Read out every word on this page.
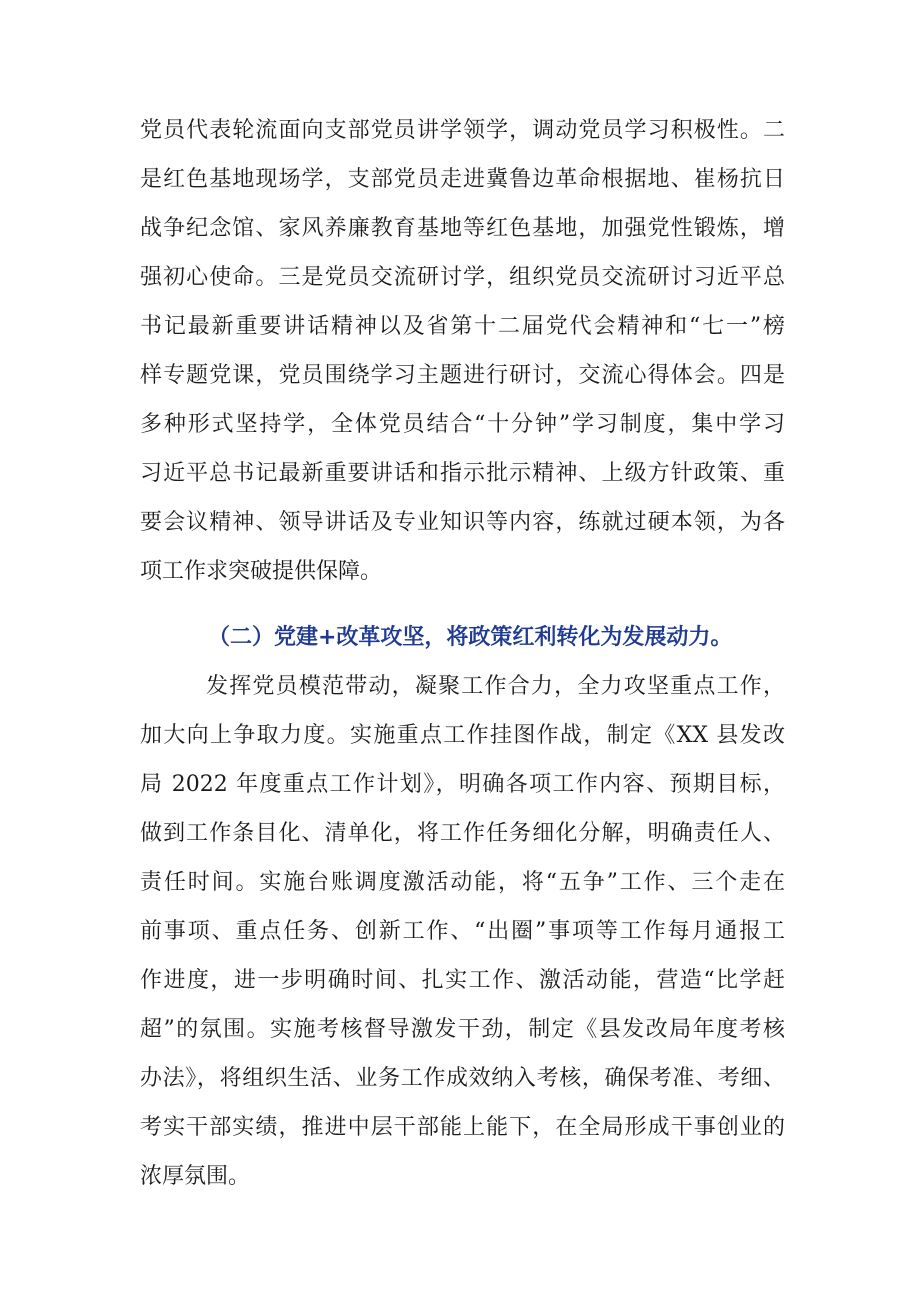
党员代表轮流面向支部党员讲学领学，调动党员学习积极性。二
是红色基地现场学，支部党员走进冀鲁边革命根据地、崔杨抗日
战争纪念馆、家风养廉教育基地等红色基地，加强党性锻炼，增
强初心使命。三是党员交流研讨学，组织党员交流研讨习近平总
书记最新重要讲话精神以及省第十二届党代会精神和“七一”榜
样专题党课，党员围绕学习主题进行研讨，交流心得体会。四是
多种形式坚持学，全体党员结合“十分钟”学习制度，集中学习
习近平总书记最新重要讲话和指示批示精神、上级方针政策、重
要会议精神、领导讲话及专业知识等内容，练就过硬本领，为各
项工作求突破提供保障。
（二）党建+改革攻坚，将政策红利转化为发展动力。
发挥党员模范带动，凝聚工作合力，全力攻坚重点工作，
加大向上争取力度。实施重点工作挂图作战，制定《XX 县发改
局 2022 年度重点工作计划》，明确各项工作内容、预期目标，
做到工作条目化、清单化，将工作任务细化分解，明确责任人、
责任时间。实施台账调度激活动能，将“五争”工作、三个走在
前事项、重点任务、创新工作、“出圈”事项等工作每月通报工
作进度，进一步明确时间、扎实工作、激活动能，营造“比学赶
超”的氛围。实施考核督导激发干劲，制定《县发改局年度考核
办法》，将组织生活、业务工作成效纳入考核，确保考准、考细、
考实干部实绩，推进中层干部能上能下，在全局形成干事创业的
浓厚氛围。
